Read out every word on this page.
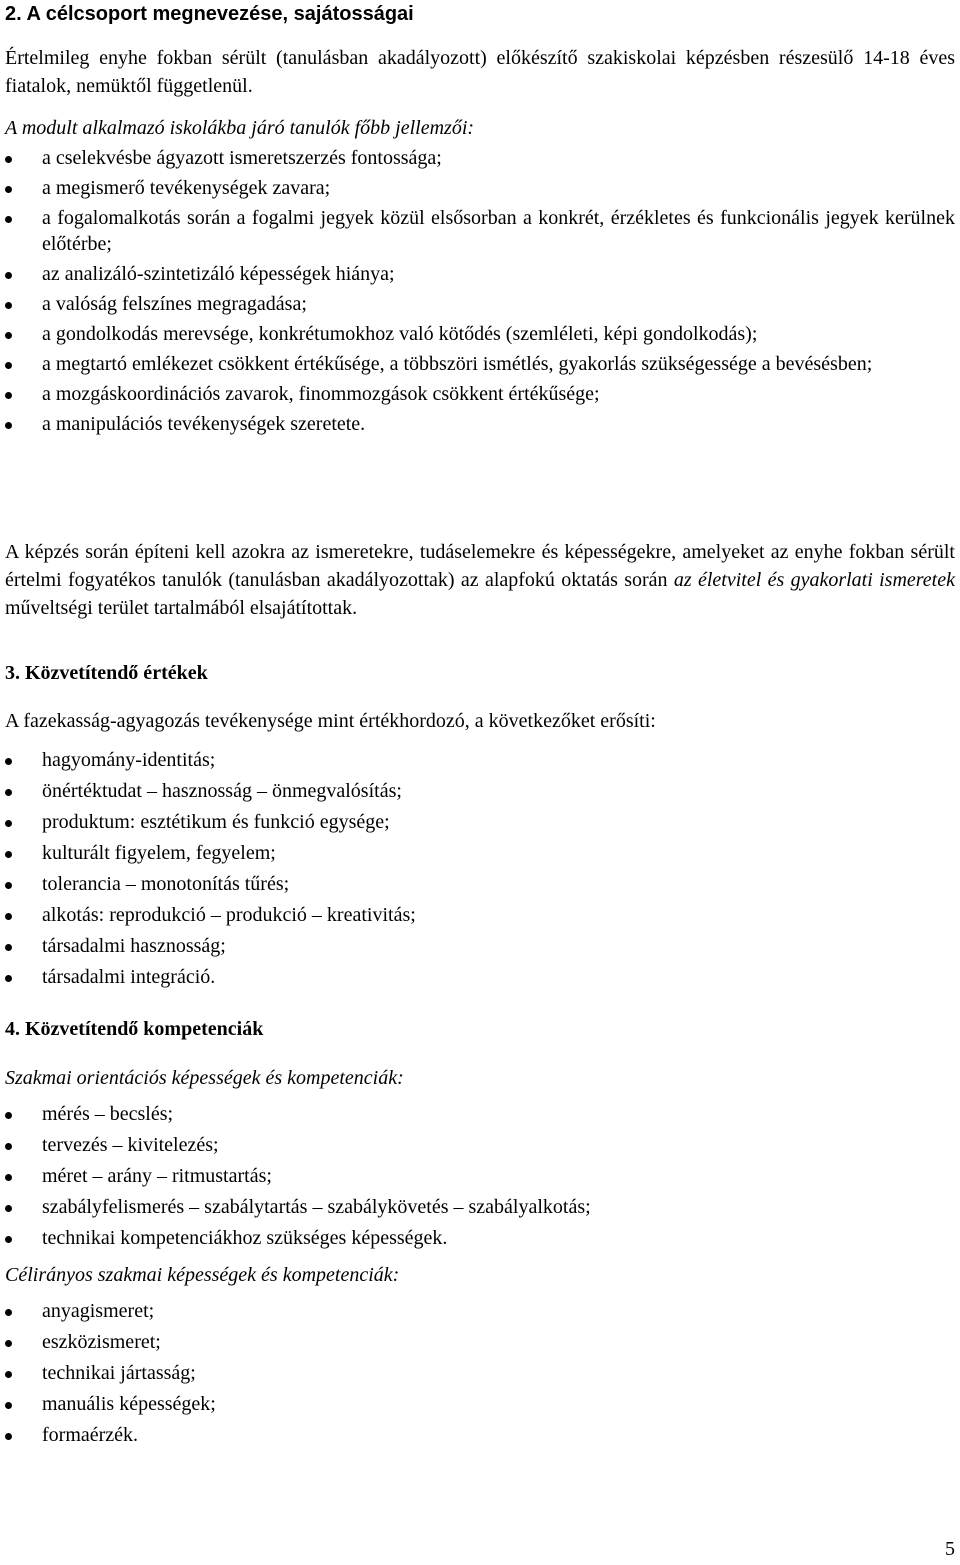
2. A célcsoport megnevezése, sajátosságai

Értelmileg enyhe fokban sérült (tanulásban akadályozott) előkészítő szakiskolai képzésben részesülő 14-18 éves fiatalok, nemüktől függetlenül.

A modult alkalmazó iskolákba járó tanulók főbb jellemzői:

a cselekvésbe ágyazott ismeretszerzés fontossága;
a megismerő tevékenységek zavara;
a fogalomalkotás során a fogalmi jegyek közül elsősorban a konkrét, érzékletes és funkcionális jegyek kerülnek előtérbe;
az analizáló-szintetizáló képességek hiánya;
a valóság felszínes megragadása;
a gondolkodás merevsége, konkrétumokhoz való kötődés (szemléleti, képi gondolkodás);
a megtartó emlékezet csökkent értékűsége, a többszöri ismétlés, gyakorlás szükségessége a bevésésben;
a mozgáskoordinációs zavarok, finommozgások csökkent értékűsége;
a manipulációs tevékenységek szeretete.

A képzés során építeni kell azokra az ismeretekre, tudáselemekre és képességekre, amelyeket az enyhe fokban sérült értelmi fogyatékos tanulók (tanulásban akadályozottak) az alapfokú oktatás során az életvitel és gyakorlati ismeretek műveltségi terület tartalmából elsajátítottak.

3. Közvetítendő értékek

A fazekasság-agyagozás tevékenysége mint értékhordozó, a következőket erősíti:

hagyomány-identitás;
önértéktudat – hasznosság – önmegvalósítás;
produktum: esztétikum és funkció egysége;
kulturált figyelem, fegyelem;
tolerancia – monotonítás tűrés;
alkotás: reprodukció – produkció – kreativitás;
társadalmi hasznosság;
társadalmi integráció.

4. Közvetítendő kompetenciák

Szakmai orientációs képességek és kompetenciák:

mérés – becslés;
tervezés – kivitelezés;
méret – arány – ritmustartás;
szabályfelismerés – szabálytartás – szabálykövetés – szabályalkotás;
technikai kompetenciákhoz szükséges képességek.

Célirányos szakmai képességek és kompetenciák:

anyagismeret;
eszközismeret;
technikai jártasság;
manuális képességek;
formaérzék.
5
